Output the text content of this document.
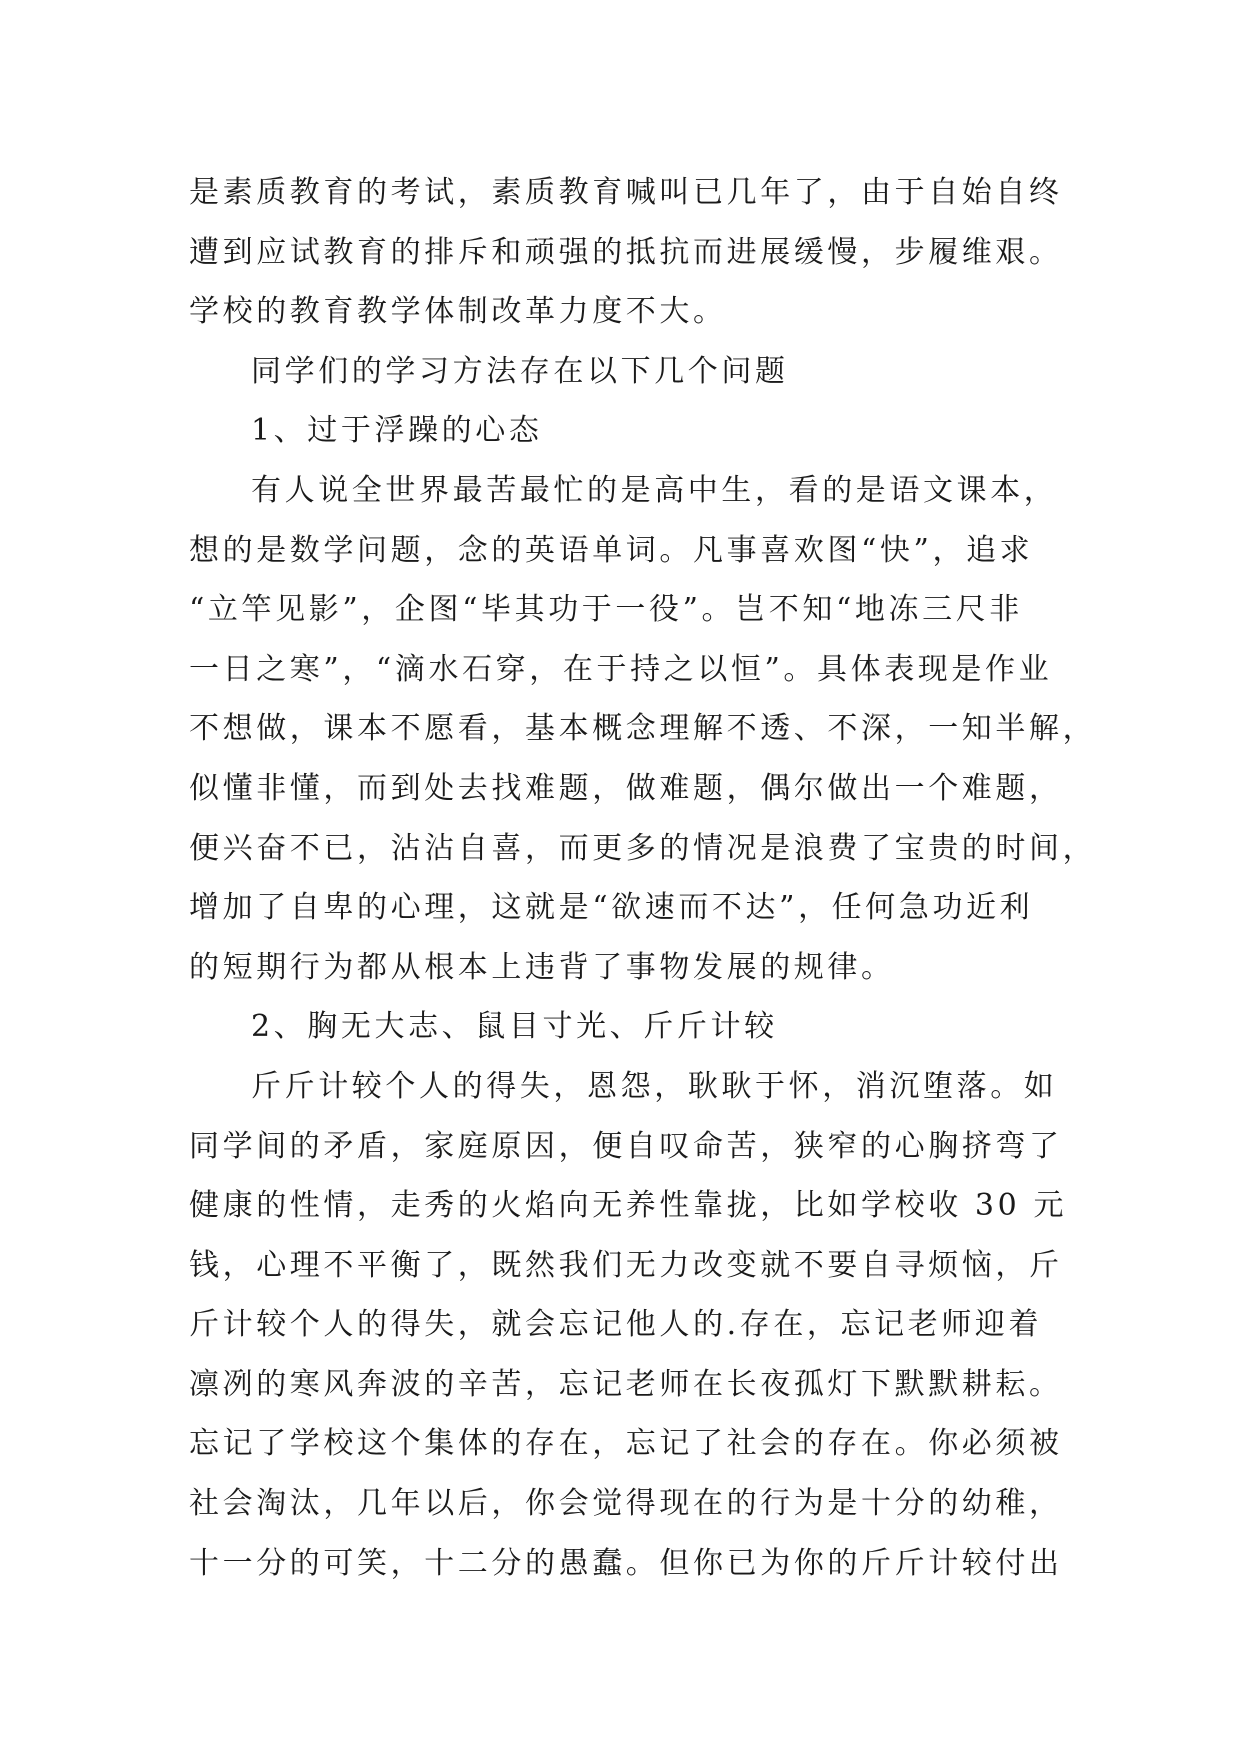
是素质教育的考试，素质教育喊叫已几年了，由于自始自终
遭到应试教育的排斥和顽强的抵抗而进展缓慢，步履维艰。
学校的教育教学体制改革力度不大。
同学们的学习方法存在以下几个问题
1、过于浮躁的心态
有人说全世界最苦最忙的是高中生，看的是语文课本，
想的是数学问题，念的英语单词。凡事喜欢图“快”，追求
“立竿见影”，企图“毕其功于一役”。岂不知“地冻三尺非
一日之寒”，“滴水石穿，在于持之以恒”。具体表现是作业
不想做，课本不愿看，基本概念理解不透、不深，一知半解，
似懂非懂，而到处去找难题，做难题，偶尔做出一个难题，
便兴奋不已，沾沾自喜，而更多的情况是浪费了宝贵的时间，
增加了自卑的心理，这就是“欲速而不达”，任何急功近利
的短期行为都从根本上违背了事物发展的规律。
2、胸无大志、鼠目寸光、斤斤计较
斤斤计较个人的得失，恩怨，耿耿于怀，消沉堕落。如
同学间的矛盾，家庭原因，便自叹命苦，狭窄的心胸挤弯了
健康的性情，走秀的火焰向无养性靠拢，比如学校收 30 元
钱，心理不平衡了，既然我们无力改变就不要自寻烦恼，斤
斤计较个人的得失，就会忘记他人的.存在，忘记老师迎着
凛冽的寒风奔波的辛苦，忘记老师在长夜孤灯下默默耕耘。
忘记了学校这个集体的存在，忘记了社会的存在。你必须被
社会淘汰，几年以后，你会觉得现在的行为是十分的幼稚，
十一分的可笑，十二分的愚蠢。但你已为你的斤斤计较付出
